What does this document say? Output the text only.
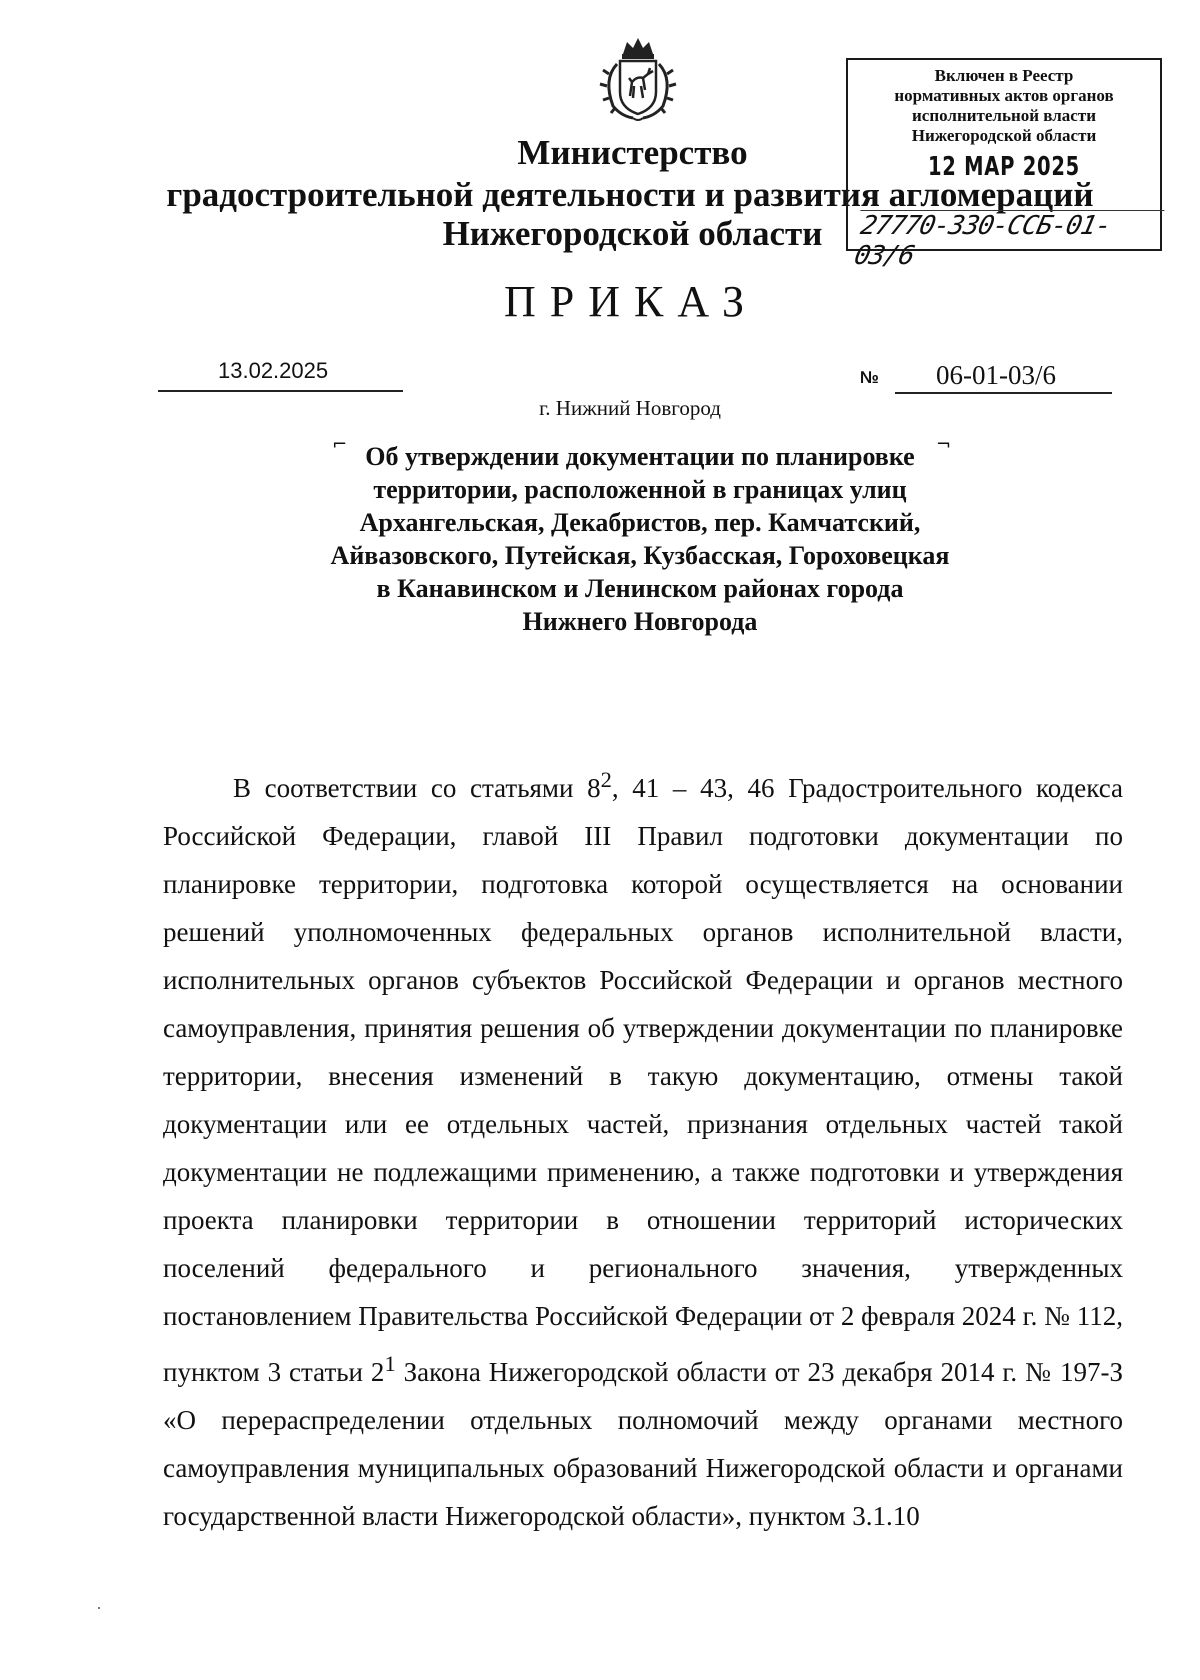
Министерство
градостроительной деятельности и развития агломераций
Нижегородской области
Включен в Реестр
нормативных актов органов
исполнительной власти
Нижегородской области
12 МАР 2025
27770-330-ССБ-01-03/6
ПРИКАЗ
13.02.2025	№ 06-01-03/6
г. Нижний Новгород
⌐	¬
Об утверждении документации по планировке территории, расположенной в границах улиц Архангельская, Декабристов, пер. Камчатский, Айвазовского, Путейская, Кузбасская, Гороховецкая в Канавинском и Ленинском районах города Нижнего Новгорода
В соответствии со статьями $8^2$, 41 – 43, 46 Градостроительного кодекса Российской Федерации, главой III Правил подготовки документации по планировке территории, подготовка которой осуществляется на основании решений уполномоченных федеральных органов исполнительной власти, исполнительных органов субъектов Российской Федерации и органов местного самоуправления, принятия решения об утверждении документации по планировке территории, внесения изменений в такую документацию, отмены такой документации или ее отдельных частей, признания отдельных частей такой документации не подлежащими применению, а также подготовки и утверждения проекта планировки территории в отношении территорий исторических поселений федерального и регионального значения, утвержденных постановлением Правительства Российской Федерации от 2 февраля 2024 г. № 112, пунктом 3 статьи $2^1$ Закона Нижегородской области от 23 декабря 2014 г. № 197-З «О перераспределении отдельных полномочий между органами местного самоуправления муниципальных образований Нижегородской области и органами государственной власти Нижегородской области», пунктом 3.1.10
